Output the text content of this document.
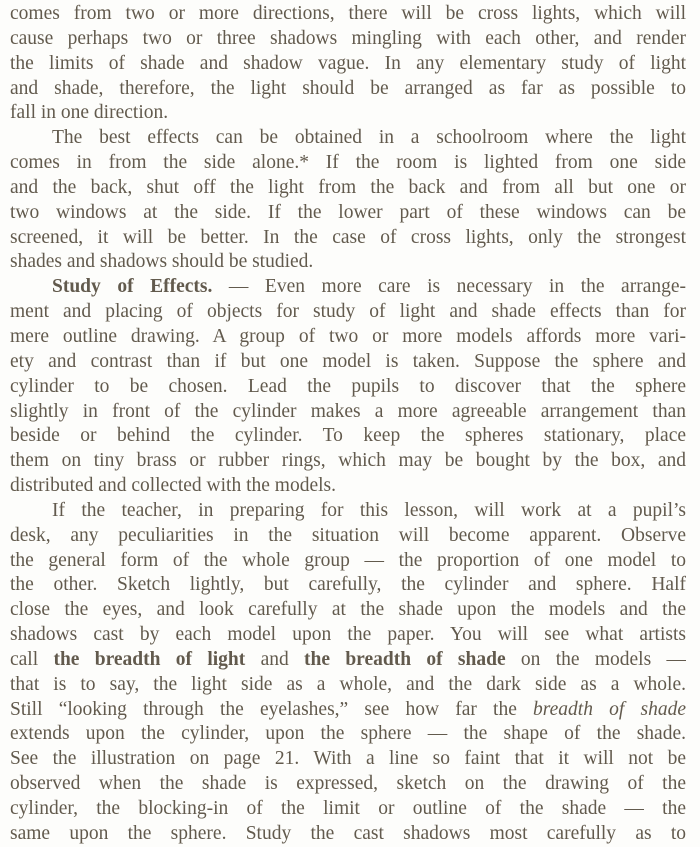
comes from two or more directions, there will be cross lights, which will
cause perhaps two or three shadows mingling with each other, and render
the limits of shade and shadow vague. In any elementary study of light
and shade, therefore, the light should be arranged as far as possible to
fall in one direction.
The best effects can be obtained in a schoolroom where the light
comes in from the side alone.* If the room is lighted from one side
and the back, shut off the light from the back and from all but one or
two windows at the side. If the lower part of these windows can be
screened, it will be better. In the case of cross lights, only the strongest
shades and shadows should be studied.
Study of Effects. — Even more care is necessary in the arrange-
ment and placing of objects for study of light and shade effects than for
mere outline drawing. A group of two or more models affords more vari-
ety and contrast than if but one model is taken. Suppose the sphere and
cylinder to be chosen. Lead the pupils to discover that the sphere
slightly in front of the cylinder makes a more agreeable arrangement than
beside or behind the cylinder. To keep the spheres stationary, place
them on tiny brass or rubber rings, which may be bought by the box, and
distributed and collected with the models.
If the teacher, in preparing for this lesson, will work at a pupil’s
desk, any peculiarities in the situation will become apparent. Observe
the general form of the whole group — the proportion of one model to
the other. Sketch lightly, but carefully, the cylinder and sphere. Half
close the eyes, and look carefully at the shade upon the models and the
shadows cast by each model upon the paper. You will see what artists
call the breadth of light and the breadth of shade on the models —
that is to say, the light side as a whole, and the dark side as a whole.
Still “looking through the eyelashes,” see how far the breadth of shade
extends upon the cylinder, upon the sphere — the shape of the shade.
See the illustration on page 21. With a line so faint that it will not be
observed when the shade is expressed, sketch on the drawing of the
cylinder, the blocking-in of the limit or outline of the shade — the
same upon the sphere. Study the cast shadows most carefully as to
